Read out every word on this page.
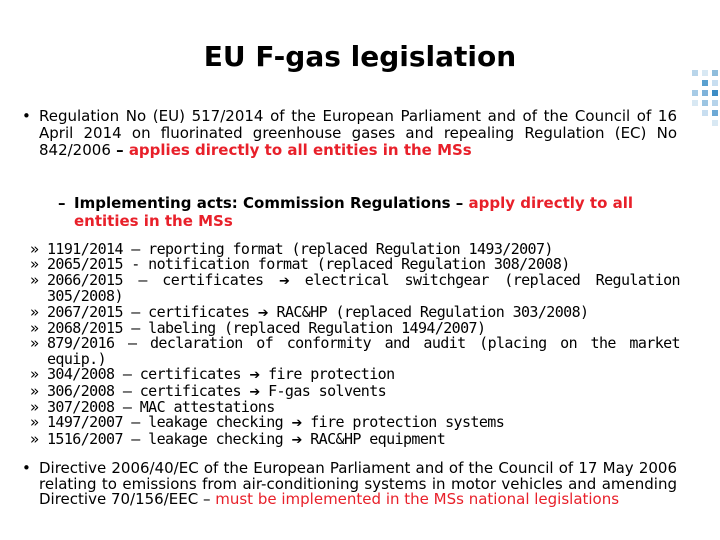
EU F-gas legislation
• Regulation No (EU) 517/2014 of the European Parliament and of the Council of 16 April 2014 on fluorinated greenhouse gases and repealing Regulation (EC) No 842/2006 – applies directly to all entities in the MSs
– Implementing acts: Commission Regulations – apply directly to all entities in the MSs
» 1191/2014 – reporting format (replaced Regulation 1493/2007)
» 2065/2015 - notification format (replaced Regulation 308/2008)
» 2066/2015 – certificates ➔ electrical switchgear (replaced Regulation 305/2008)
» 2067/2015 – certificates ➔ RAC&HP (replaced Regulation 303/2008)
» 2068/2015 – labeling (replaced Regulation 1494/2007)
» 879/2016 – declaration of conformity and audit (placing on the market equip.)
» 304/2008 – certificates ➔ fire protection
» 306/2008 – certificates ➔ F-gas solvents
» 307/2008 – MAC attestations
» 1497/2007 – leakage checking ➔ fire protection systems
» 1516/2007 – leakage checking ➔ RAC&HP equipment
• Directive 2006/40/EC of the European Parliament and of the Council of 17 May 2006 relating to emissions from air-conditioning systems in motor vehicles and amending Directive 70/156/EEC – must be implemented in the MSs national legislations
